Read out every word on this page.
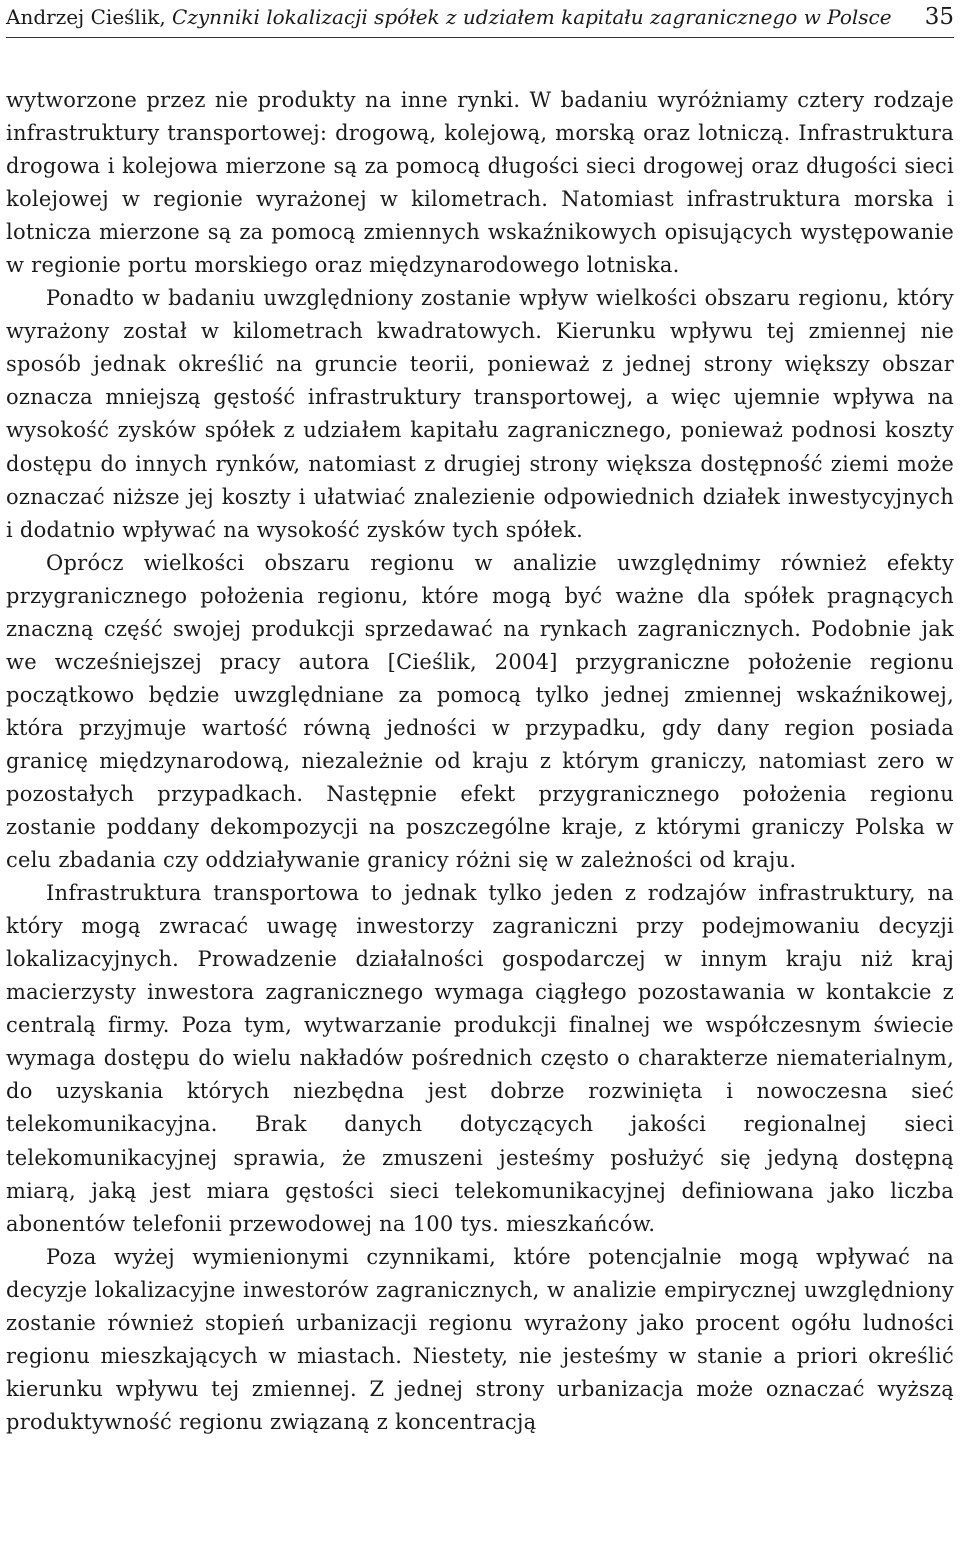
Andrzej Cieślik, Czynniki lokalizacji spółek z udziałem kapitału zagranicznego w Polsce 35

wytworzone przez nie produkty na inne rynki. W badaniu wyróżniamy cztery rodzaje infrastruktury transportowej: drogową, kolejową, morską oraz lotniczą. Infrastruktura drogowa i kolejowa mierzone są za pomocą długości sieci drogowej oraz długości sieci kolejowej w regionie wyrażonej w kilometrach. Natomiast infrastruktura morska i lotnicza mierzone są za pomocą zmiennych wskaźnikowych opisujących występowanie w regionie portu morskiego oraz międzynarodowego lotniska.

Ponadto w badaniu uwzględniony zostanie wpływ wielkości obszaru regionu, który wyrażony został w kilometrach kwadratowych. Kierunku wpływu tej zmiennej nie sposób jednak określić na gruncie teorii, ponieważ z jednej strony większy obszar oznacza mniejszą gęstość infrastruktury transportowej, a więc ujemnie wpływa na wysokość zysków spółek z udziałem kapitału zagranicznego, ponieważ podnosi koszty dostępu do innych rynków, natomiast z drugiej strony większa dostępność ziemi może oznaczać niższe jej koszty i ułatwiać znalezienie odpowiednich działek inwestycyjnych i dodatnio wpływać na wysokość zysków tych spółek.

Oprócz wielkości obszaru regionu w analizie uwzględnimy również efekty przygranicznego położenia regionu, które mogą być ważne dla spółek pragnących znaczną część swojej produkcji sprzedawać na rynkach zagranicznych. Podobnie jak we wcześniejszej pracy autora [Cieślik, 2004] przygraniczne położenie regionu początkowo będzie uwzględniane za pomocą tylko jednej zmiennej wskaźnikowej, która przyjmuje wartość równą jedności w przypadku, gdy dany region posiada granicę międzynarodową, niezależnie od kraju z którym graniczy, natomiast zero w pozostałych przypadkach. Następnie efekt przygranicznego położenia regionu zostanie poddany dekompozycji na poszczególne kraje, z którymi graniczy Polska w celu zbadania czy oddziaływanie granicy różni się w zależności od kraju.

Infrastruktura transportowa to jednak tylko jeden z rodzajów infrastruktury, na który mogą zwracać uwagę inwestorzy zagraniczni przy podejmowaniu decyzji lokalizacyjnych. Prowadzenie działalności gospodarczej w innym kraju niż kraj macierzysty inwestora zagranicznego wymaga ciągłego pozostawania w kontakcie z centralą firmy. Poza tym, wytwarzanie produkcji finalnej we współczesnym świecie wymaga dostępu do wielu nakładów pośrednich często o charakterze niematerialnym, do uzyskania których niezbędna jest dobrze rozwinięta i nowoczesna sieć telekomunikacyjna. Brak danych dotyczących jakości regionalnej sieci telekomunikacyjnej sprawia, że zmuszeni jesteśmy posłużyć się jedyną dostępną miarą, jaką jest miara gęstości sieci telekomunikacyjnej definiowana jako liczba abonentów telefonii przewodowej na 100 tys. mieszkańców.

Poza wyżej wymienionymi czynnikami, które potencjalnie mogą wpływać na decyzje lokalizacyjne inwestorów zagranicznych, w analizie empirycznej uwzględniony zostanie również stopień urbanizacji regionu wyrażony jako procent ogółu ludności regionu mieszkających w miastach. Niestety, nie jesteśmy w stanie a priori określić kierunku wpływu tej zmiennej. Z jednej strony urbanizacja może oznaczać wyższą produktywność regionu związaną z koncentracją
